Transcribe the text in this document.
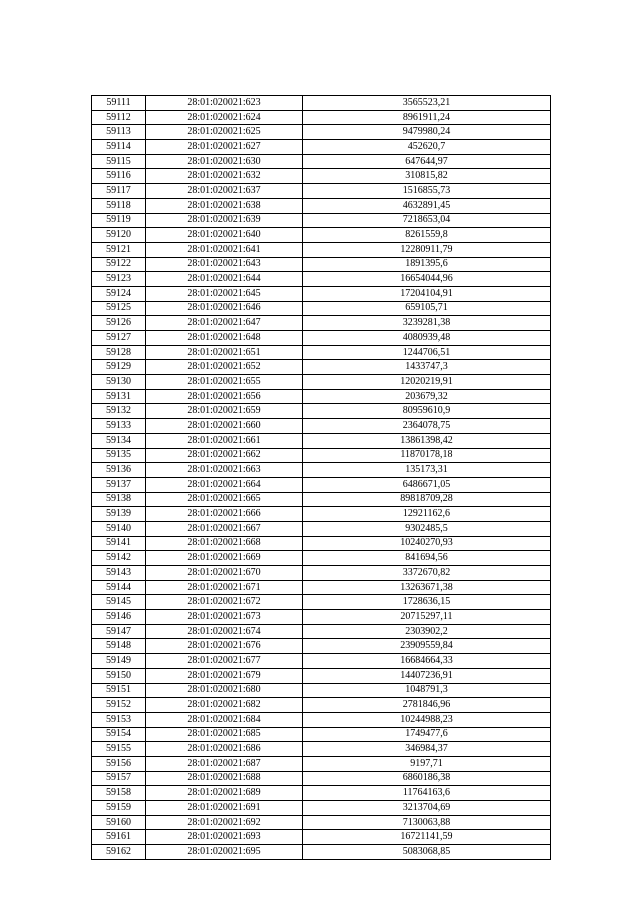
59111	28:01:020021:623	3565523,21
59112	28:01:020021:624	8961911,24
59113	28:01:020021:625	9479980,24
59114	28:01:020021:627	452620,7
59115	28:01:020021:630	647644,97
59116	28:01:020021:632	310815,82
59117	28:01:020021:637	1516855,73
59118	28:01:020021:638	4632891,45
59119	28:01:020021:639	7218653,04
59120	28:01:020021:640	8261559,8
59121	28:01:020021:641	12280911,79
59122	28:01:020021:643	1891395,6
59123	28:01:020021:644	16654044,96
59124	28:01:020021:645	17204104,91
59125	28:01:020021:646	659105,71
59126	28:01:020021:647	3239281,38
59127	28:01:020021:648	4080939,48
59128	28:01:020021:651	1244706,51
59129	28:01:020021:652	1433747,3
59130	28:01:020021:655	12020219,91
59131	28:01:020021:656	203679,32
59132	28:01:020021:659	80959610,9
59133	28:01:020021:660	2364078,75
59134	28:01:020021:661	13861398,42
59135	28:01:020021:662	11870178,18
59136	28:01:020021:663	135173,31
59137	28:01:020021:664	6486671,05
59138	28:01:020021:665	89818709,28
59139	28:01:020021:666	12921162,6
59140	28:01:020021:667	9302485,5
59141	28:01:020021:668	10240270,93
59142	28:01:020021:669	841694,56
59143	28:01:020021:670	3372670,82
59144	28:01:020021:671	13263671,38
59145	28:01:020021:672	1728636,15
59146	28:01:020021:673	20715297,11
59147	28:01:020021:674	2303902,2
59148	28:01:020021:676	23909559,84
59149	28:01:020021:677	16684664,33
59150	28:01:020021:679	14407236,91
59151	28:01:020021:680	1048791,3
59152	28:01:020021:682	2781846,96
59153	28:01:020021:684	10244988,23
59154	28:01:020021:685	1749477,6
59155	28:01:020021:686	346984,37
59156	28:01:020021:687	9197,71
59157	28:01:020021:688	6860186,38
59158	28:01:020021:689	11764163,6
59159	28:01:020021:691	3213704,69
59160	28:01:020021:692	7130063,88
59161	28:01:020021:693	16721141,59
59162	28:01:020021:695	5083068,85
